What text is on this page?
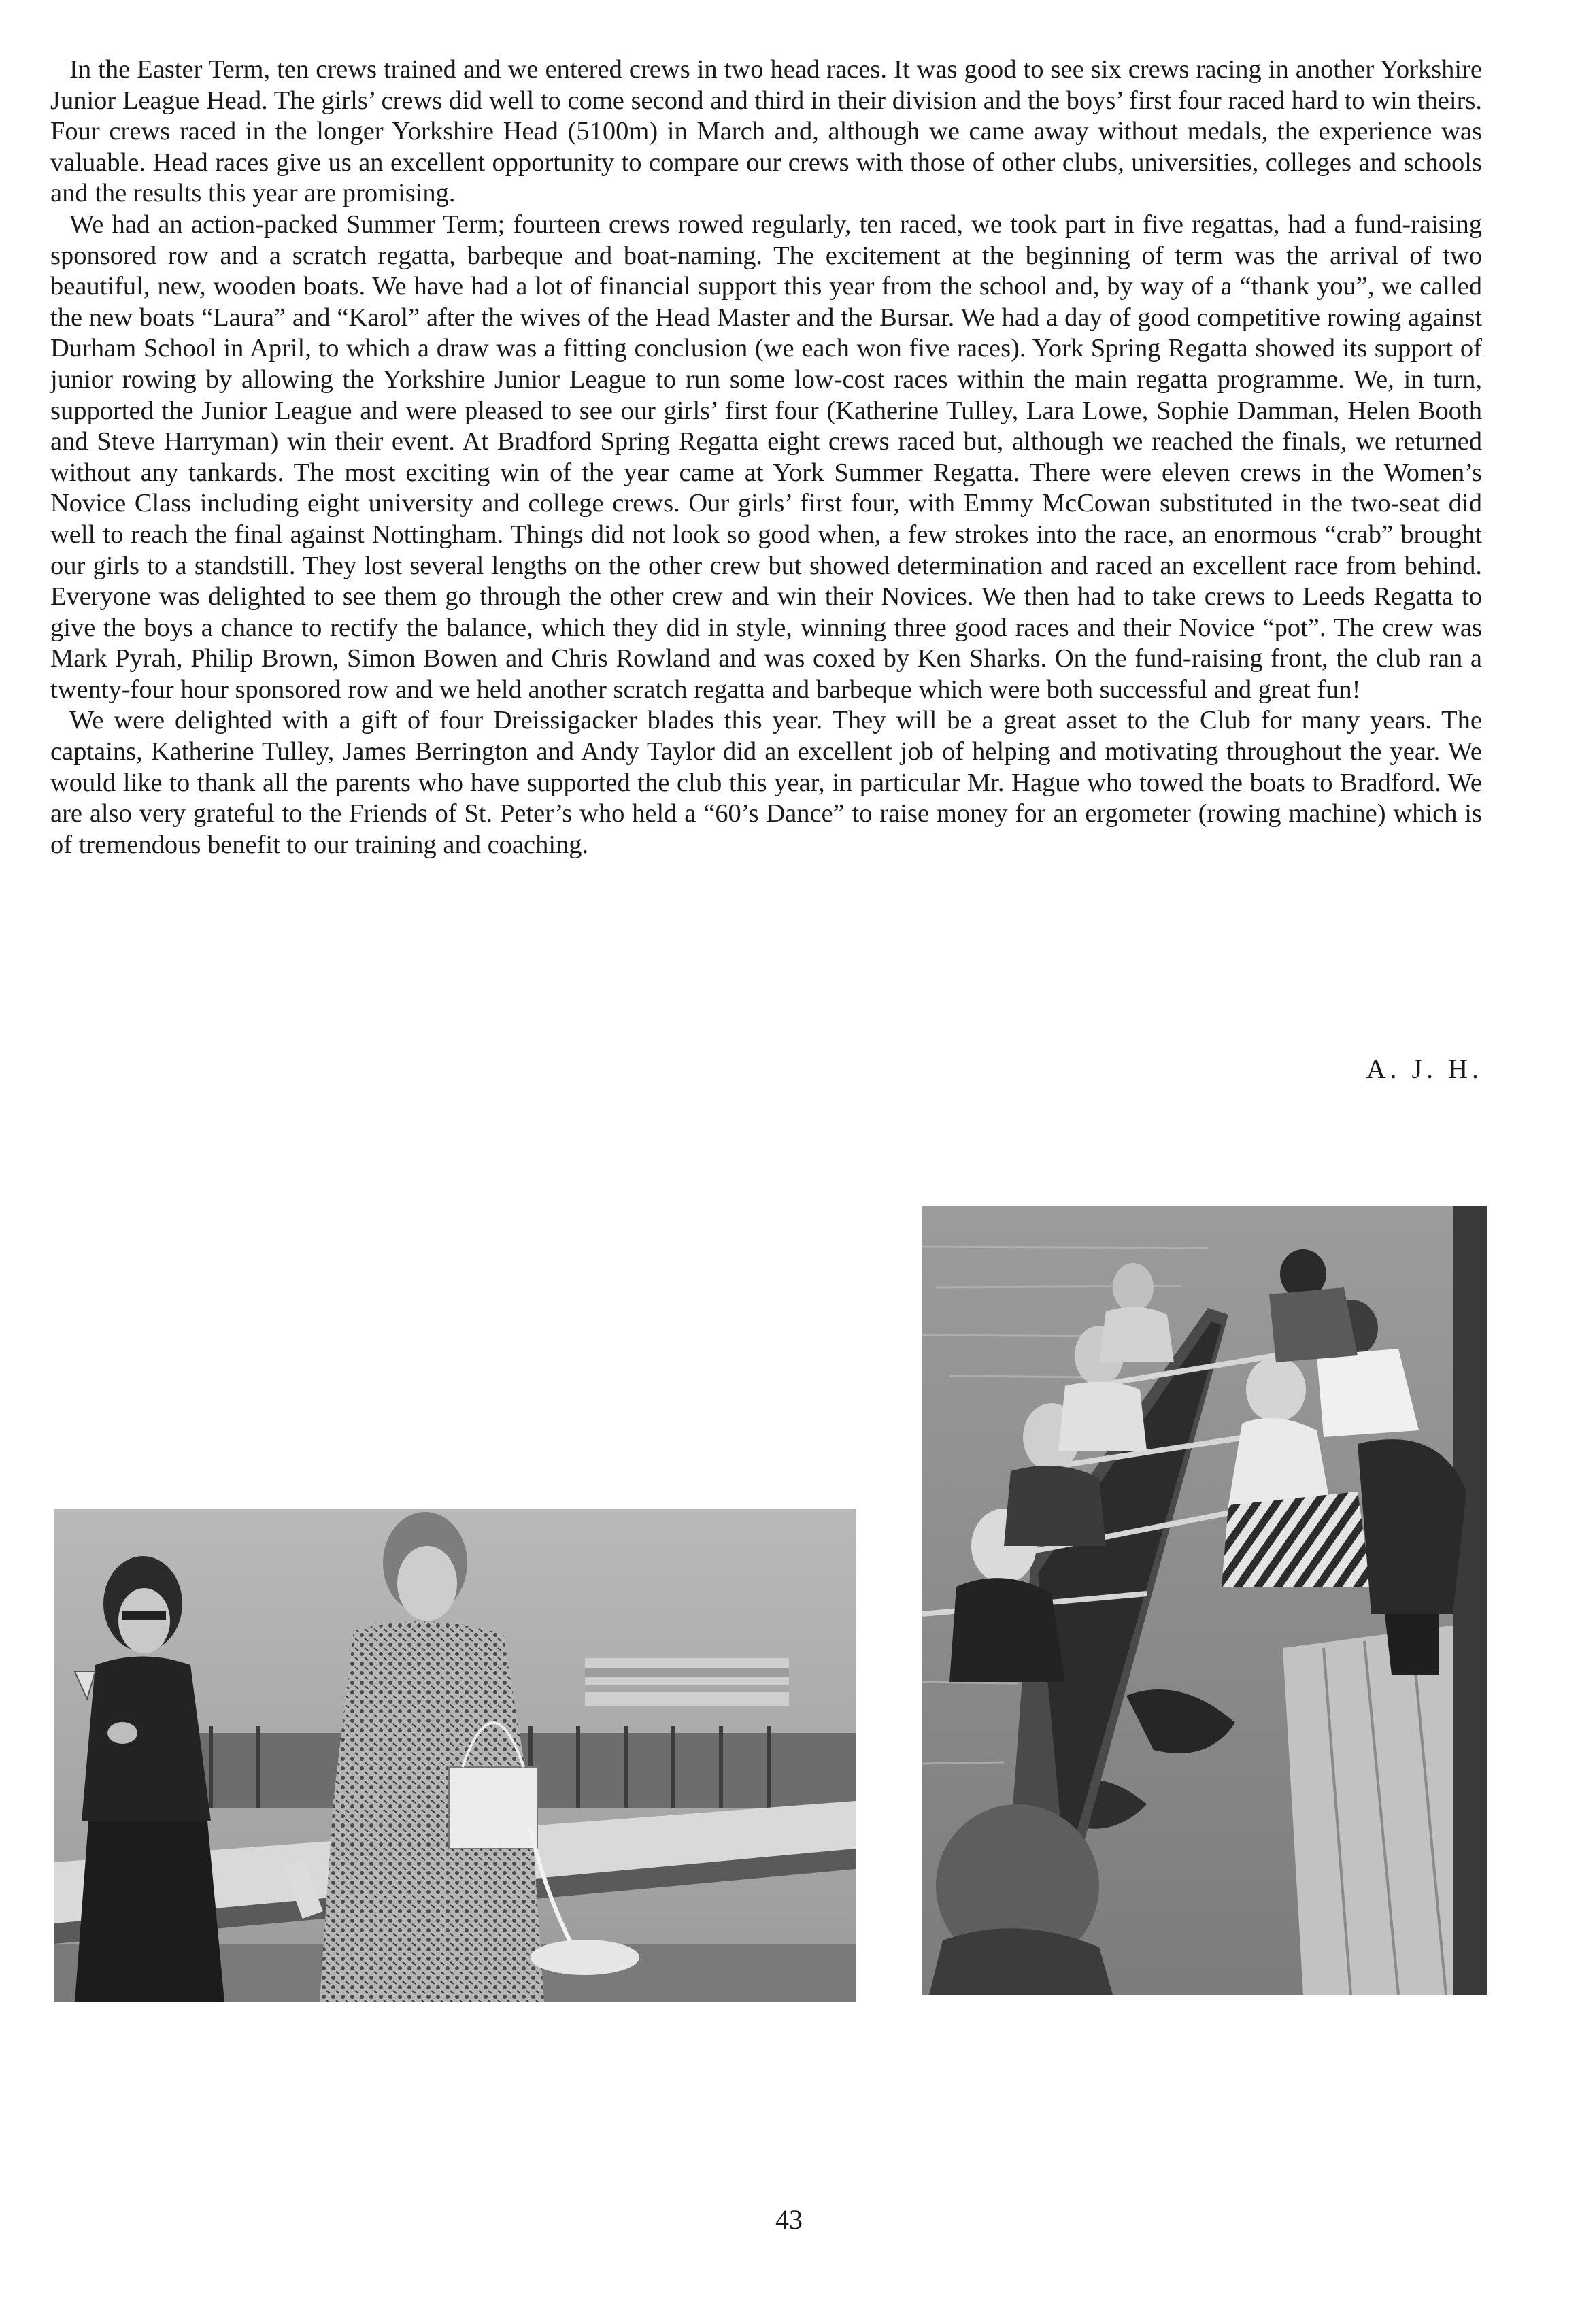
In the Easter Term, ten crews trained and we entered crews in two head races. It was good to see six crews racing in another Yorkshire Junior League Head. The girls’ crews did well to come second and third in their division and the boys’ first four raced hard to win theirs. Four crews raced in the longer Yorkshire Head (5100m) in March and, although we came away without medals, the experience was valuable. Head races give us an excellent opportunity to compare our crews with those of other clubs, universities, colleges and schools and the results this year are promising.

We had an action-packed Summer Term; fourteen crews rowed regularly, ten raced, we took part in five regattas, had a fund-raising sponsored row and a scratch regatta, barbeque and boat-naming. The excitement at the beginning of term was the arrival of two beautiful, new, wooden boats. We have had a lot of financial support this year from the school and, by way of a “thank you”, we called the new boats “Laura” and “Karol” after the wives of the Head Master and the Bursar. We had a day of good competitive rowing against Durham School in April, to which a draw was a fitting conclusion (we each won five races). York Spring Regatta showed its support of junior rowing by allowing the Yorkshire Junior League to run some low-cost races within the main regatta programme. We, in turn, supported the Junior League and were pleased to see our girls’ first four (Katherine Tulley, Lara Lowe, Sophie Damman, Helen Booth and Steve Harryman) win their event. At Bradford Spring Regatta eight crews raced but, although we reached the finals, we returned without any tankards. The most exciting win of the year came at York Summer Regatta. There were eleven crews in the Women’s Novice Class including eight university and college crews. Our girls’ first four, with Emmy McCowan substituted in the two-seat did well to reach the final against Nottingham. Things did not look so good when, a few strokes into the race, an enormous “crab” brought our girls to a standstill. They lost several lengths on the other crew but showed determination and raced an excellent race from behind. Everyone was delighted to see them go through the other crew and win their Novices. We then had to take crews to Leeds Regatta to give the boys a chance to rectify the balance, which they did in style, winning three good races and their Novice “pot”. The crew was Mark Pyrah, Philip Brown, Simon Bowen and Chris Rowland and was coxed by Ken Sharks. On the fund-raising front, the club ran a twenty-four hour sponsored row and we held another scratch regatta and barbeque which were both successful and great fun!

We were delighted with a gift of four Dreissigacker blades this year. They will be a great asset to the Club for many years. The captains, Katherine Tulley, James Berrington and Andy Taylor did an excellent job of helping and motivating throughout the year. We would like to thank all the parents who have supported the club this year, in particular Mr. Hague who towed the boats to Bradford. We are also very grateful to the Friends of St. Peter’s who held a “60’s Dance” to raise money for an ergometer (rowing machine) which is of tremendous benefit to our training and coaching.

A. J. H.
43
